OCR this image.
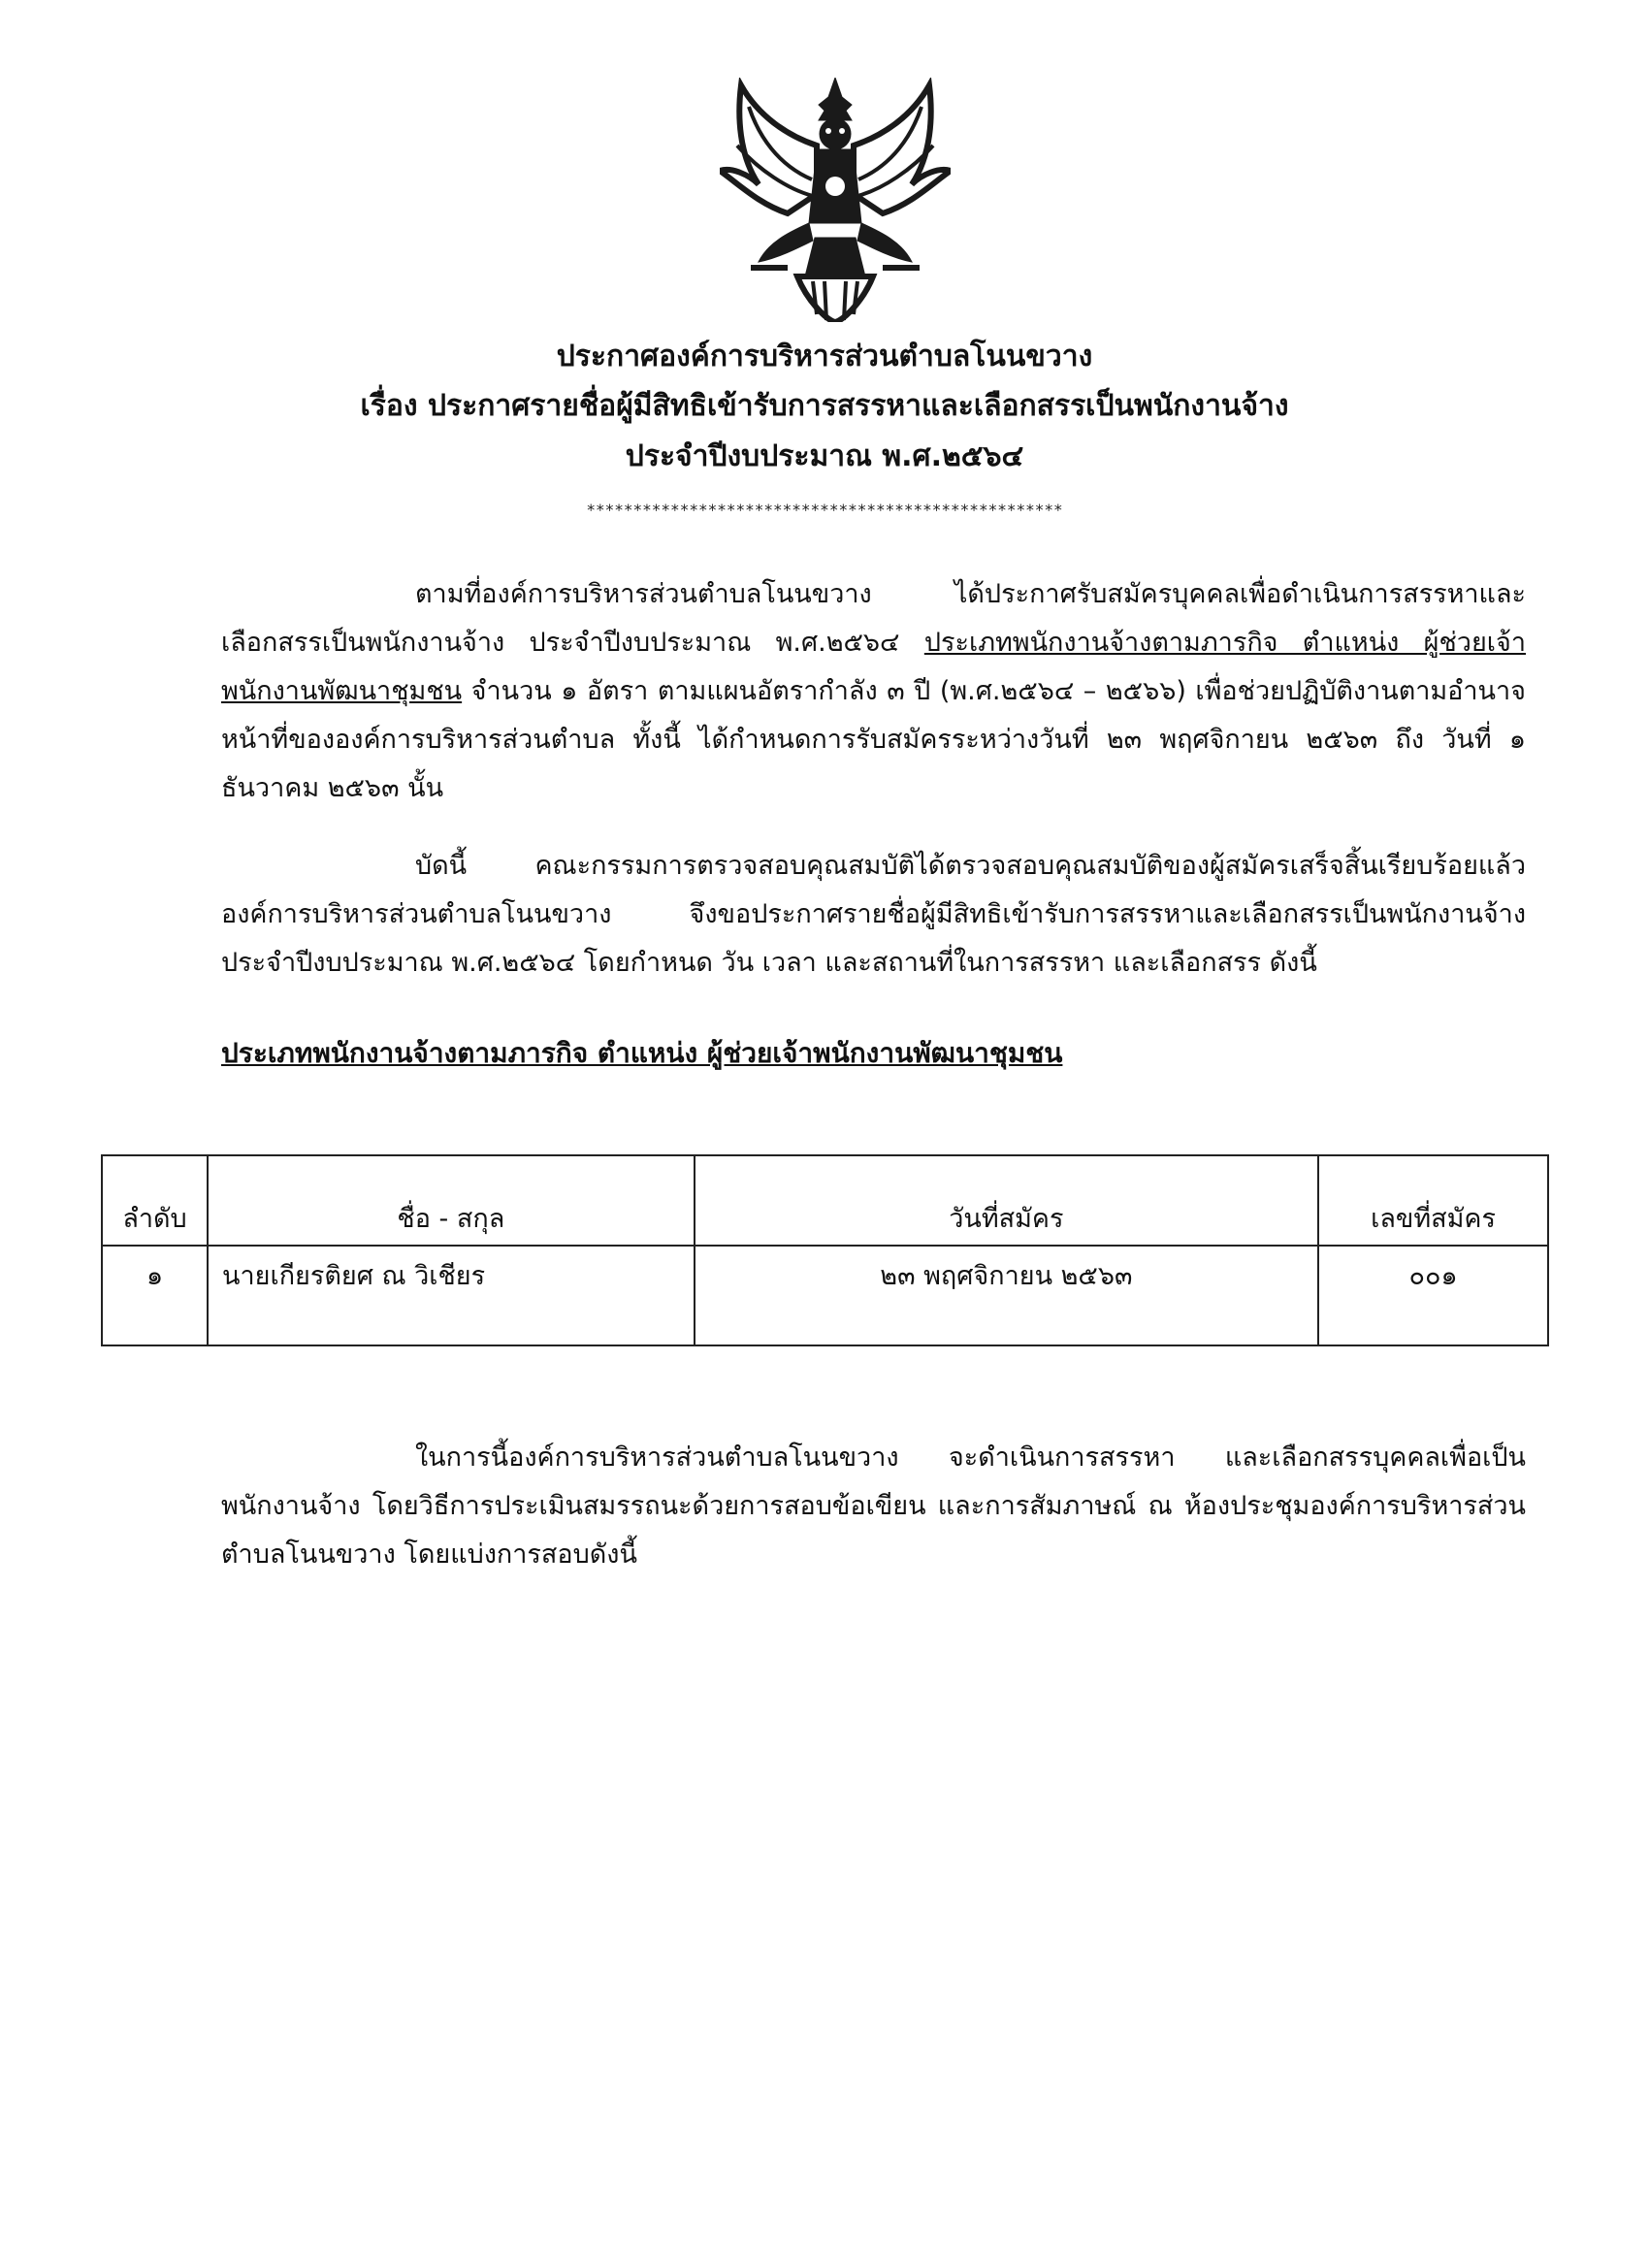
ประกาศองค์การบริหารส่วนตำบลโนนขวาง
เรื่อง ประกาศรายชื่อผู้มีสิทธิเข้ารับการสรรหาและเลือกสรรเป็นพนักงานจ้าง
ประจำปีงบประมาณ พ.ศ.๒๕๖๔
***************************************************
ตามที่องค์การบริหารส่วนตำบลโนนขวาง ได้ประกาศรับสมัครบุคคลเพื่อดำเนินการสรรหาและเลือกสรรเป็นพนักงานจ้าง ประจำปีงบประมาณ พ.ศ.๒๕๖๔ ประเภทพนักงานจ้างตามภารกิจ ตำแหน่ง ผู้ช่วยเจ้าพนักงานพัฒนาชุมชน จำนวน ๑ อัตรา ตามแผนอัตรากำลัง ๓ ปี (พ.ศ.๒๕๖๔ – ๒๕๖๖) เพื่อช่วยปฏิบัติงานตามอำนาจหน้าที่ขององค์การบริหารส่วนตำบล ทั้งนี้ ได้กำหนดการรับสมัครระหว่างวันที่ ๒๓ พฤศจิกายน ๒๕๖๓ ถึง วันที่ ๑ ธันวาคม ๒๕๖๓ นั้น
บัดนี้ คณะกรรมการตรวจสอบคุณสมบัติได้ตรวจสอบคุณสมบัติของผู้สมัครเสร็จสิ้นเรียบร้อยแล้ว องค์การบริหารส่วนตำบลโนนขวาง จึงขอประกาศรายชื่อผู้มีสิทธิเข้ารับการสรรหาและเลือกสรรเป็นพนักงานจ้าง ประจำปีงบประมาณ พ.ศ.๒๕๖๔ โดยกำหนด วัน เวลา และสถานที่ในการสรรหา และเลือกสรร ดังนี้
ประเภทพนักงานจ้างตามภารกิจ ตำแหน่ง ผู้ช่วยเจ้าพนักงานพัฒนาชุมชน
ลำดับ	ชื่อ - สกุล	วันที่สมัคร	เลขที่สมัคร
๑	นายเกียรติยศ ณ วิเชียร	๒๓ พฤศจิกายน ๒๕๖๓	๐๐๑
ในการนี้องค์การบริหารส่วนตำบลโนนขวาง จะดำเนินการสรรหา และเลือกสรรบุคคลเพื่อเป็นพนักงานจ้าง โดยวิธีการประเมินสมรรถนะด้วยการสอบข้อเขียน และการสัมภาษณ์ ณ ห้องประชุมองค์การบริหารส่วนตำบลโนนขวาง โดยแบ่งการสอบดังนี้
